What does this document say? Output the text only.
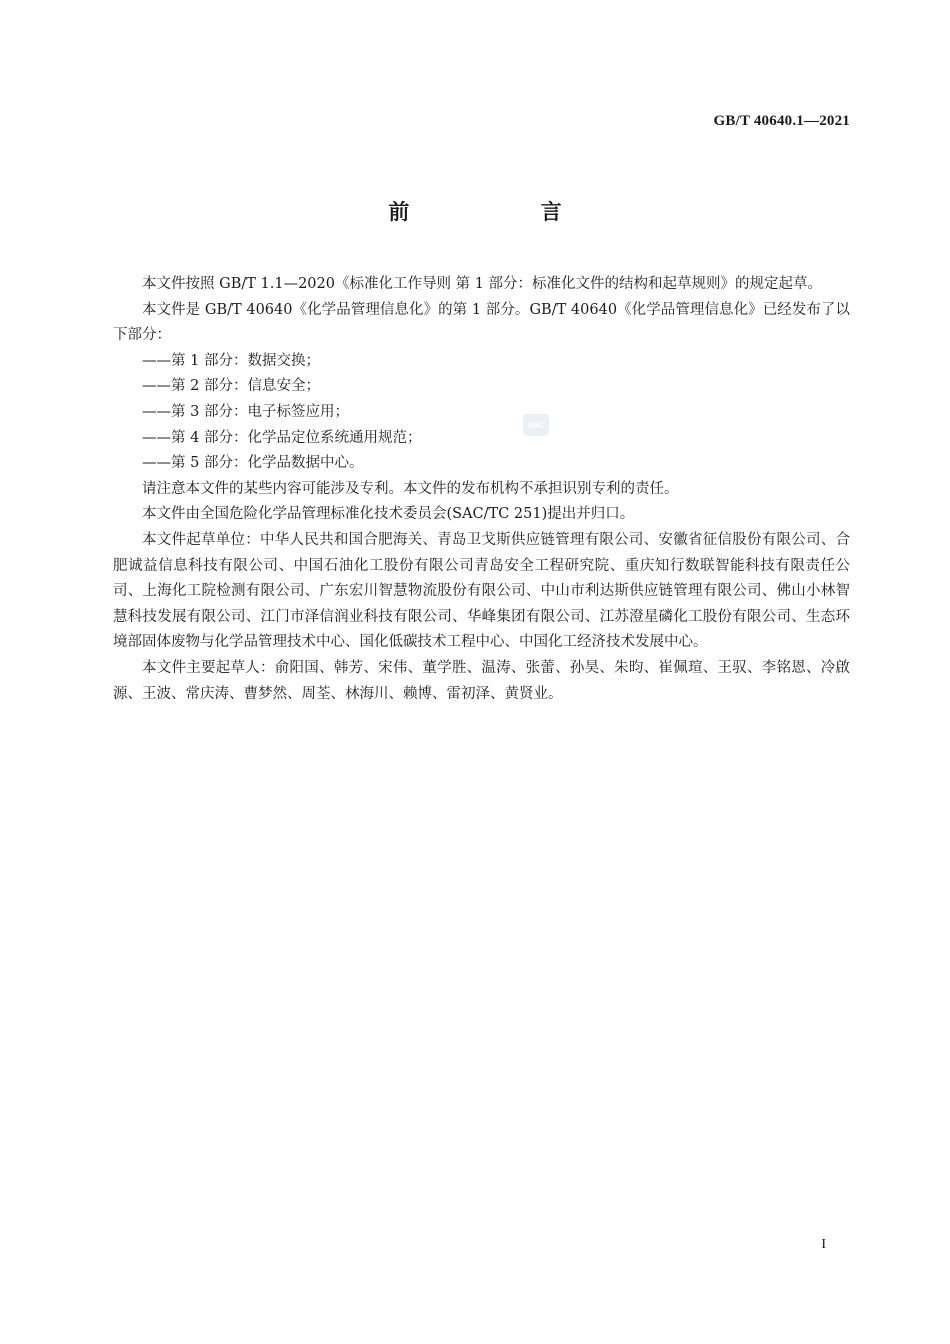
GB/T 40640.1—2021
前 言
SAC

本文件按照 GB/T 1.1—2020《标准化工作导则 第 1 部分：标准化文件的结构和起草规则》的规定起草。

本文件是 GB/T 40640《化学品管理信息化》的第 1 部分。GB/T 40640《化学品管理信息化》已经发布了以下部分：

——第 1 部分：数据交换；

——第 2 部分：信息安全；

——第 3 部分：电子标签应用；

——第 4 部分：化学品定位系统通用规范；

——第 5 部分：化学品数据中心。

请注意本文件的某些内容可能涉及专利。本文件的发布机构不承担识别专利的责任。

本文件由全国危险化学品管理标准化技术委员会(SAC/TC 251)提出并归口。

本文件起草单位：中华人民共和国合肥海关、青岛卫戈斯供应链管理有限公司、安徽省征信股份有限公司、合肥诚益信息科技有限公司、中国石油化工股份有限公司青岛安全工程研究院、重庆知行数联智能科技有限责任公司、上海化工院检测有限公司、广东宏川智慧物流股份有限公司、中山市利达斯供应链管理有限公司、佛山小林智慧科技发展有限公司、江门市泽信润业科技有限公司、华峰集团有限公司、江苏澄星磷化工股份有限公司、生态环境部固体废物与化学品管理技术中心、国化低碳技术工程中心、中国化工经济技术发展中心。

本文件主要起草人：俞阳国、韩芳、宋伟、董学胜、温涛、张蕾、孙昊、朱昀、崔佩瑄、王驭、李铭恩、冷啟源、王波、常庆涛、曹梦然、周荃、林海川、赖博、雷初泽、黄贤业。

I
